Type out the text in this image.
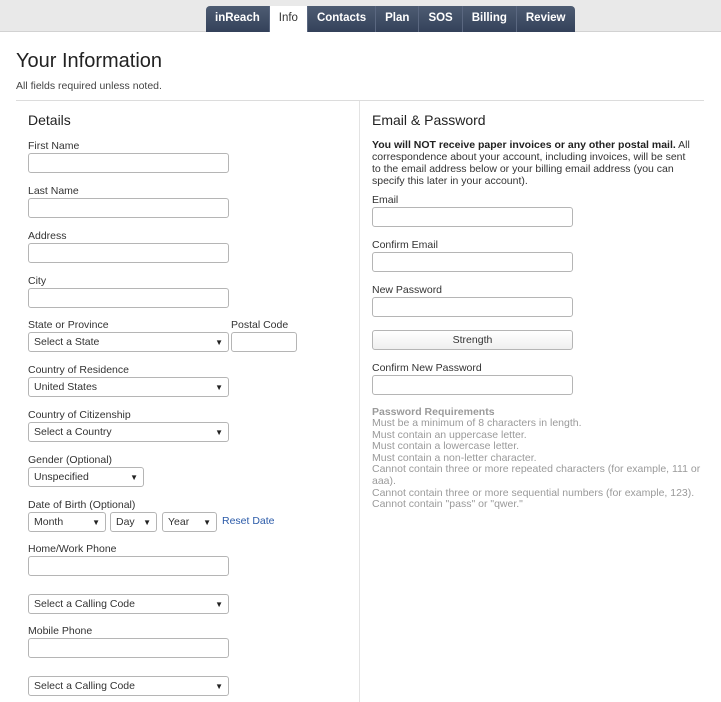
inReach	Info	Contacts	Plan	SOS	Billing	Review
Your Information
All fields required unless noted.
Details
First Name
Last Name
Address
City
State or Province
Select a State	▼
Postal Code
Country of Residence
United States	▼
Country of Citizenship
Select a Country	▼
Gender (Optional)
Unspecified	▼
Date of Birth (Optional)
Month	▼	Day ▼	Year ▼ Reset Date
Home/Work Phone
Select a Calling Code	▼
Mobile Phone
Select a Calling Code	▼
Email & Password
You will NOT receive paper invoices or any other postal mail. All correspondence about your account, including invoices, will be sent to the email address below or your billing email address (you can specify this later in your account).
Email
Confirm Email
New Password
Strength
Confirm New Password
Password Requirements
Must be a minimum of 8 characters in length.
Must contain an uppercase letter.
Must contain a lowercase letter.
Must contain a non-letter character.
Cannot contain three or more repeated characters (for example, 111 or aaa).
Cannot contain three or more sequential numbers (for example, 123).
Cannot contain "pass" or "qwer."
